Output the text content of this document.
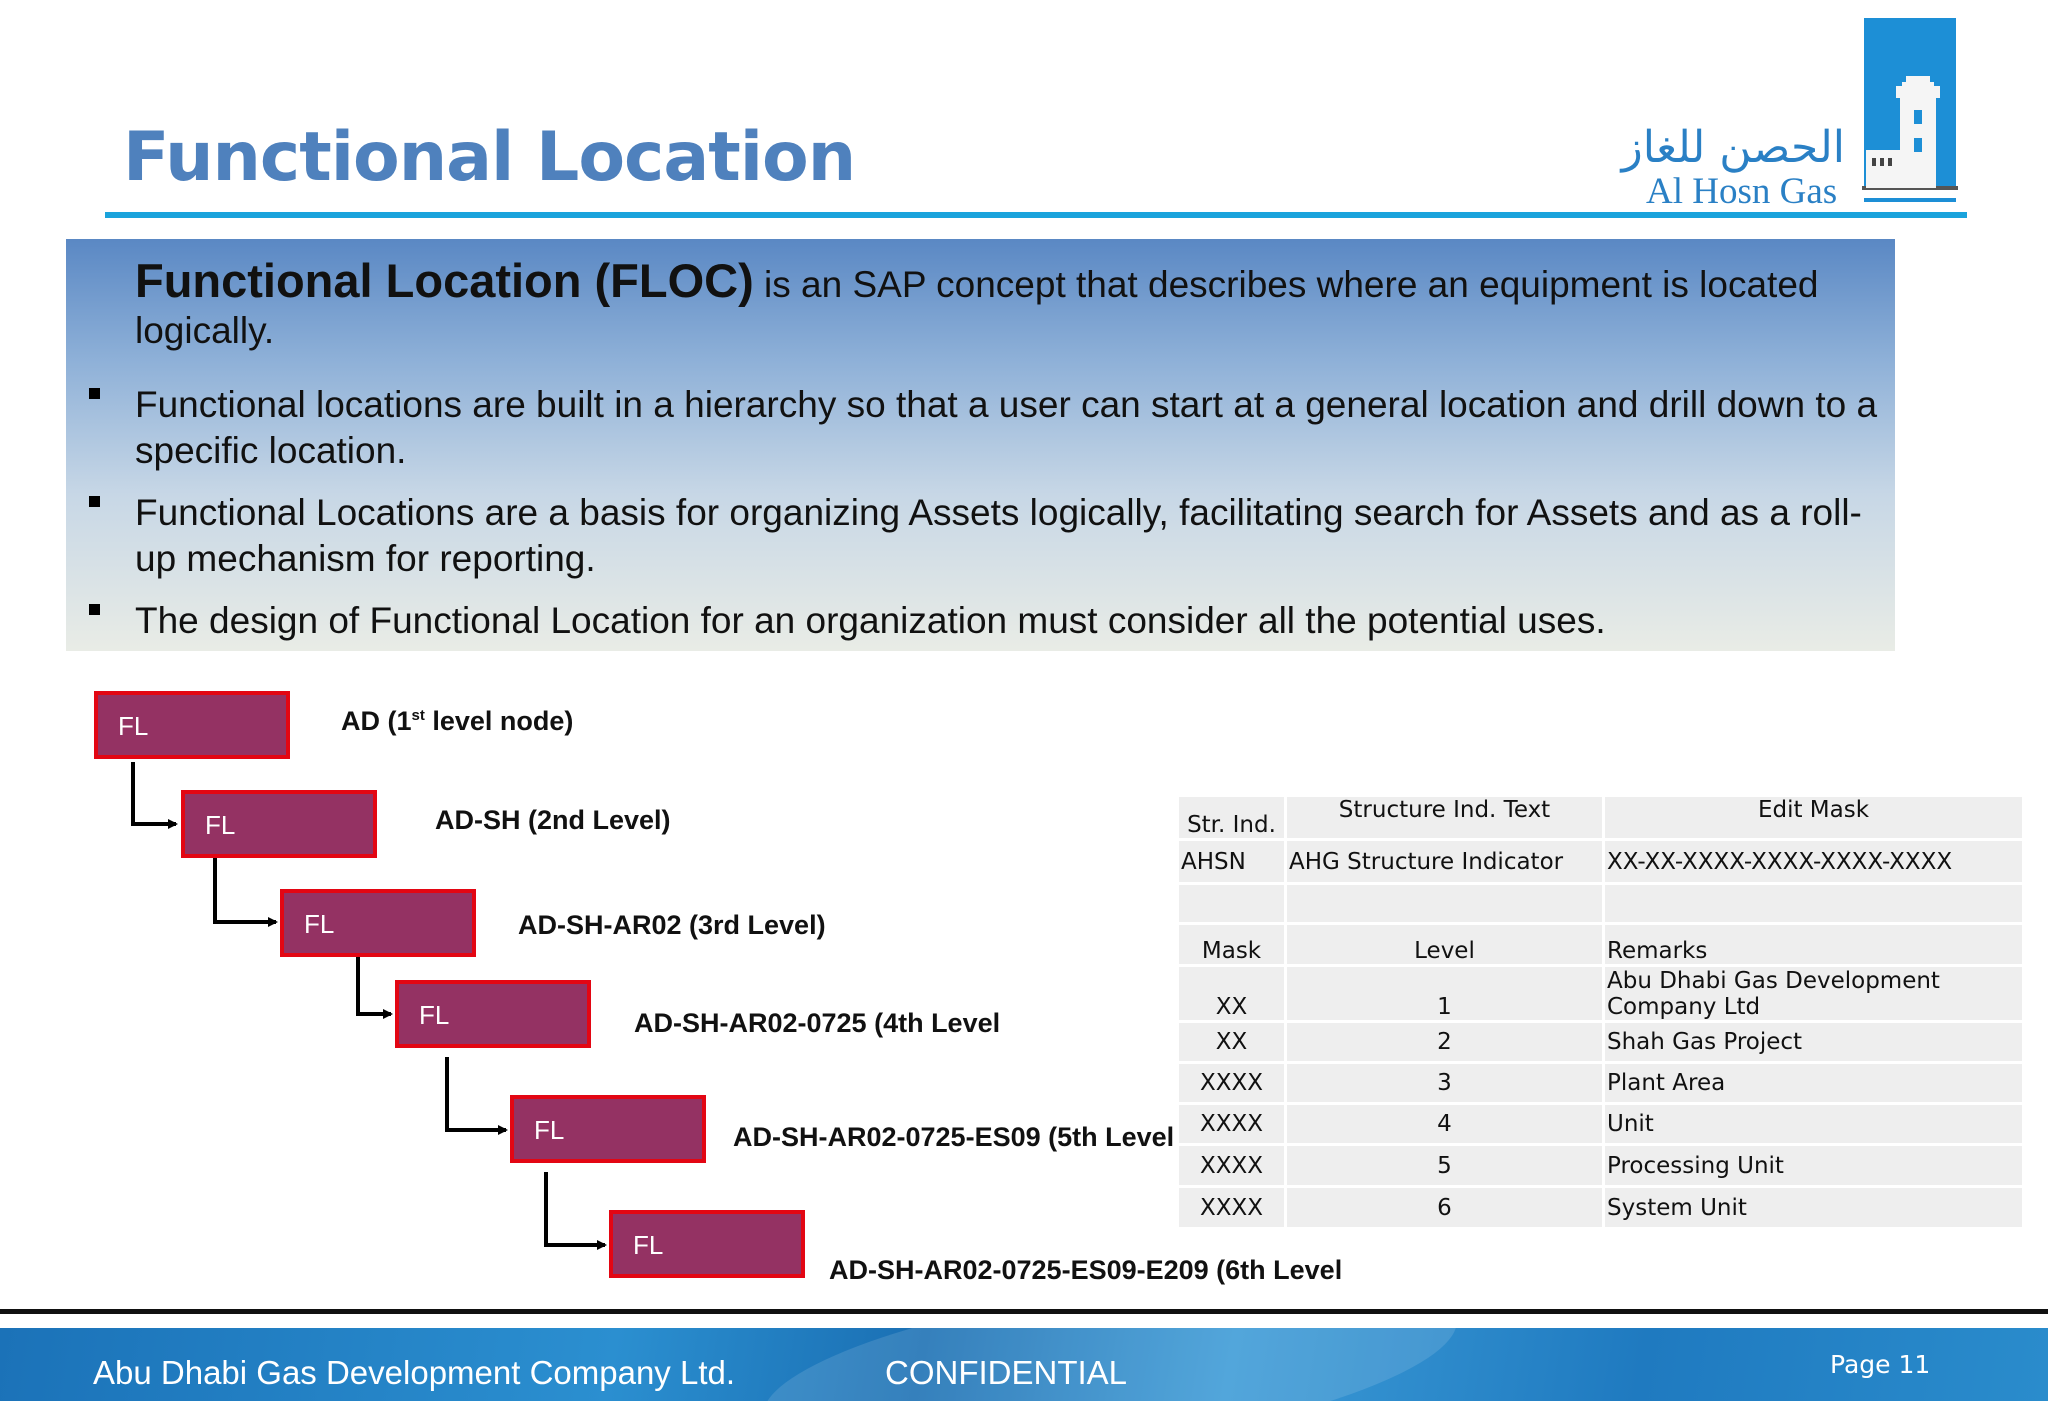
Functional Location	الحصن للغاز
Al Hosn Gas
Functional Location (FLOC) is an SAP concept that describes where an equipment is located logically.
Functional locations are built in a hierarchy so that a user can start at a general location and drill down to a specific location.
Functional Locations are a basis for organizing Assets logically, facilitating search for Assets and as a roll-up mechanism for reporting.
The design of Functional Location for an organization must consider all the potential uses.
FL
FL
FL
FL
FL
FL
AD (1st level node)
AD-SH (2nd Level)
AD-SH-AR02 (3rd Level)
AD-SH-AR02-0725 (4th Level
AD-SH-AR02-0725-ES09 (5th Level
AD-SH-AR02-0725-ES09-E209 (6th Level
Str. Ind.	Structure Ind. Text	Edit Mask
AHSN	AHG Structure Indicator	XX-XX-XXXX-XXXX-XXXX-XXXX

Mask	Level	Remarks
XX	1	Abu Dhabi Gas Development Company Ltd
XX	2	Shah Gas Project
XXXX	3	Plant Area
XXXX	4	Unit
XXXX	5	Processing Unit
XXXX	6	System Unit
Abu Dhabi Gas Development Company Ltd.	CONFIDENTIAL	Page 11
